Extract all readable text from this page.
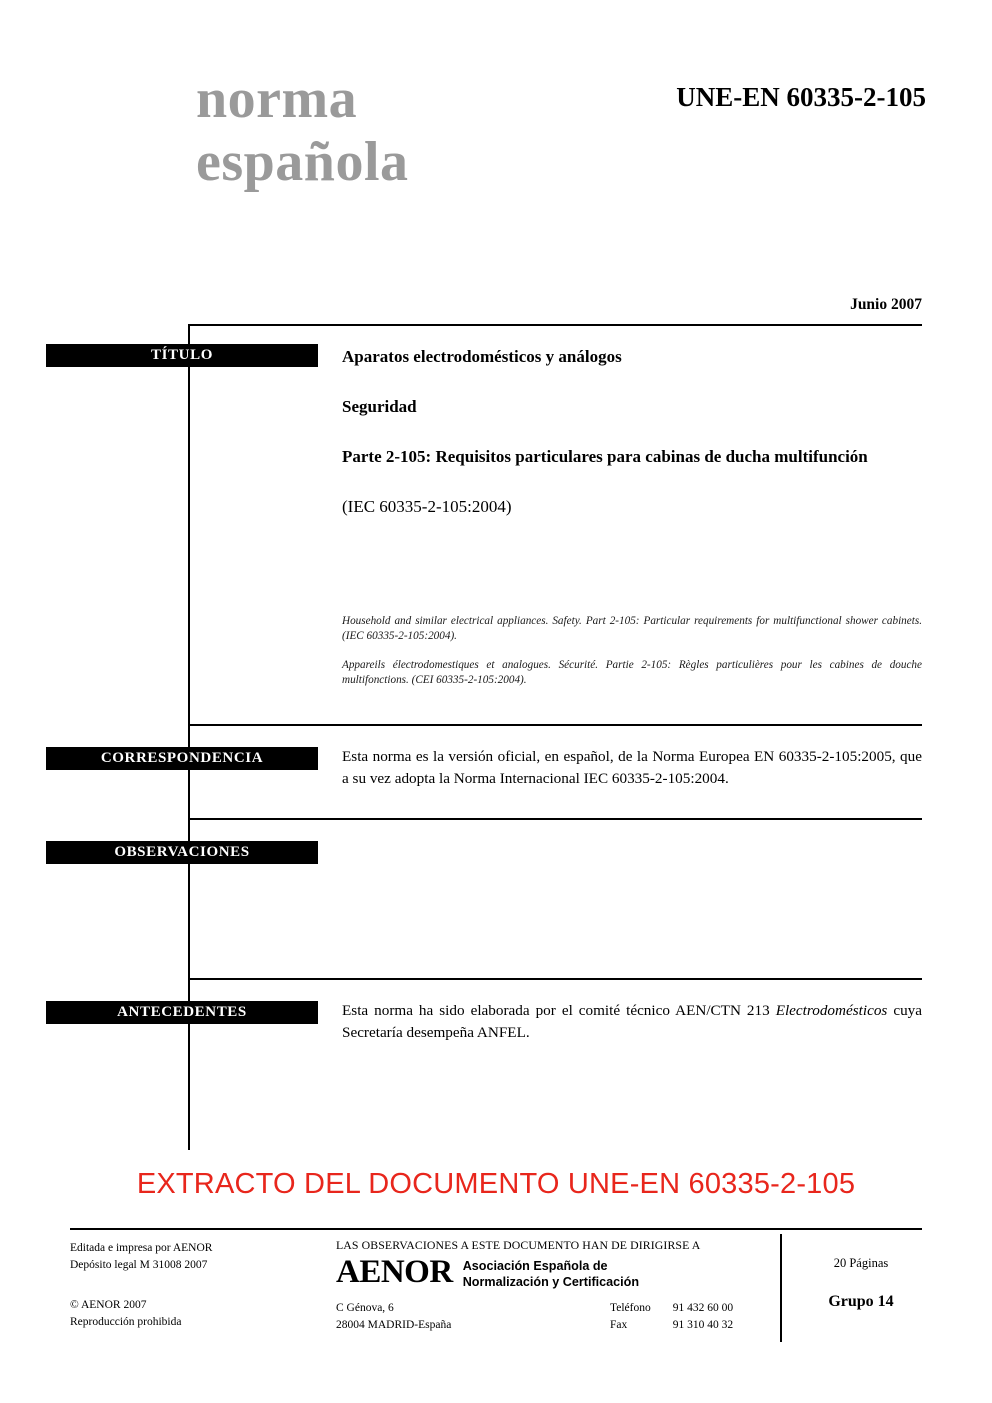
norma
española
UNE-EN 60335-2-105
Junio 2007
TÍTULO	Aparatos electrodomésticos y análogos
Seguridad
Parte 2-105: Requisitos particulares para cabinas de ducha multifunción
(IEC 60335-2-105:2004)
Household and similar electrical appliances. Safety. Part 2-105: Particular requirements for multifunctional shower cabinets. (IEC 60335-2-105:2004).
Appareils électrodomestiques et analogues. Sécurité. Partie 2-105: Règles particulières pour les cabines de douche multifonctions. (CEI 60335-2-105:2004).
CORRESPONDENCIA	Esta norma es la versión oficial, en español, de la Norma Europea EN 60335-2-105:2005, que a su vez adopta la Norma Internacional IEC 60335-2-105:2004.
OBSERVACIONES
ANTECEDENTES	Esta norma ha sido elaborada por el comité técnico AEN/CTN 213 Electrodomésticos cuya Secretaría desempeña ANFEL.
EXTRACTO DEL DOCUMENTO UNE-EN 60335-2-105
Editada e impresa por AENOR
Depósito legal M 31008 2007
© AENOR 2007
Reproducción prohibida
LAS OBSERVACIONES A ESTE DOCUMENTO HAN DE DIRIGIRSE A
AENOR Asociación Española de
Normalización y Certificación
C Génova, 6
28004 MADRID-España
Teléfono	91 432 60 00
Fax	91 310 40 32
20 Páginas
Grupo 14
